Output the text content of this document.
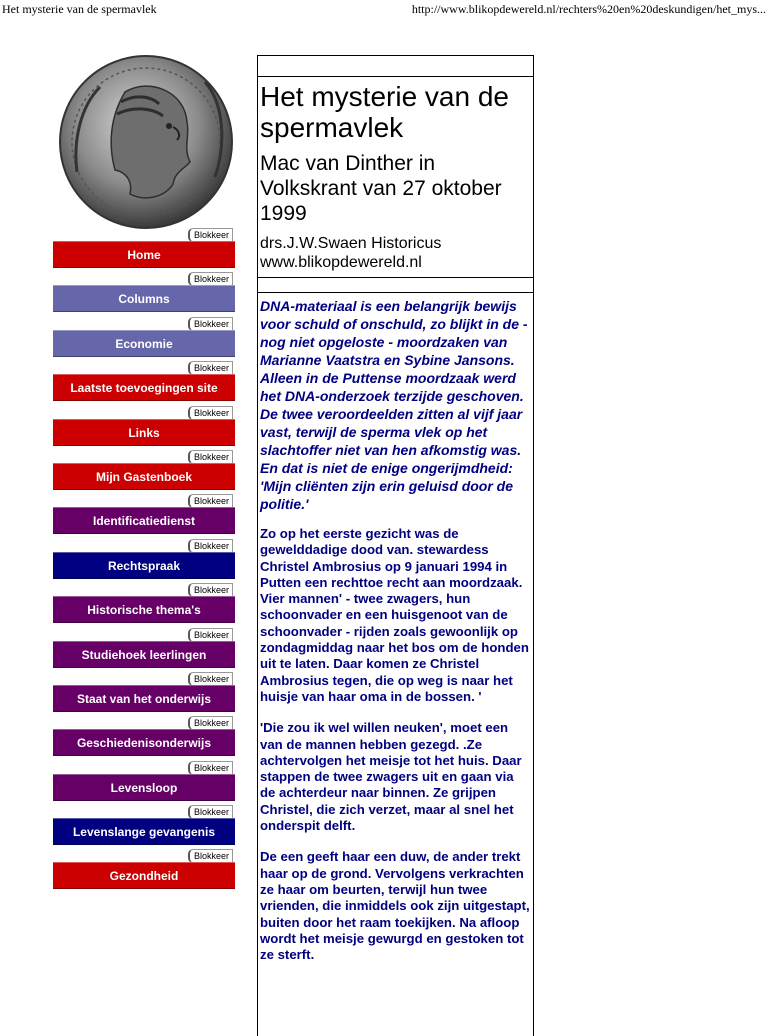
Het mysterie van de spermavlek	http://www.blikopdewereld.nl/rechters%20en%20deskundigen/het_mys...
Blokkeer
Home
Blokkeer
Columns
Blokkeer
Economie
Blokkeer
Laatste toevoegingen site
Blokkeer
Links
Blokkeer
Mijn Gastenboek
Blokkeer
Identificatiedienst
Blokkeer
Rechtspraak
Blokkeer
Historische thema's
Blokkeer
Studiehoek leerlingen
Blokkeer
Staat van het onderwijs
Blokkeer
Geschiedenisonderwijs
Blokkeer
Levensloop
Blokkeer
Levenslange gevangenis
Blokkeer
Gezondheid
Het mysterie van de spermavlek
Mac van Dinther in Volkskrant van 27 oktober 1999
drs.J.W.Swaen Historicus
www.blikopdewereld.nl

DNA-materiaal is een belangrijk bewijs voor schuld of onschuld, zo blijkt in de - nog niet opgeloste - moordzaken van Marianne Vaatstra en Sybine Jansons. Alleen in de Puttense moordzaak werd het DNA-onderzoek terzijde geschoven. De twee veroordeelden zitten al vijf jaar vast, terwijl de sperma vlek op het slachtoffer niet van hen afkomstig was. En dat is niet de enige ongerijmdheid: 'Mijn cliënten zijn erin geluisd door de politie.'

Zo op het eerste gezicht was de gewelddadige dood van. stewardess Christel Ambrosius op 9 januari 1994 in Putten een rechttoe recht aan moordzaak. Vier mannen' - twee zwagers, hun schoonvader en een huisgenoot van de schoonvader - rijden zoals gewoonlijk op zondagmiddag naar het bos om de honden uit te laten. Daar komen ze Christel Ambrosius tegen, die op weg is naar het huisje van haar oma in de bossen. '

'Die zou ik wel willen neuken', moet een van de mannen hebben gezegd. .Ze achtervolgen het meisje tot het huis. Daar stappen de twee zwagers uit en gaan via de achterdeur naar binnen. Ze grijpen Christel, die zich verzet, maar al snel het onderspit delft.

De een geeft haar een duw, de ander trekt haar op de grond. Vervolgens verkrachten ze haar om beurten, terwijl hun twee vrienden, die inmiddels ook zijn uitgestapt, buiten door het raam toekijken. Na afloop wordt het meisje gewurgd en gestoken tot ze sterft.
